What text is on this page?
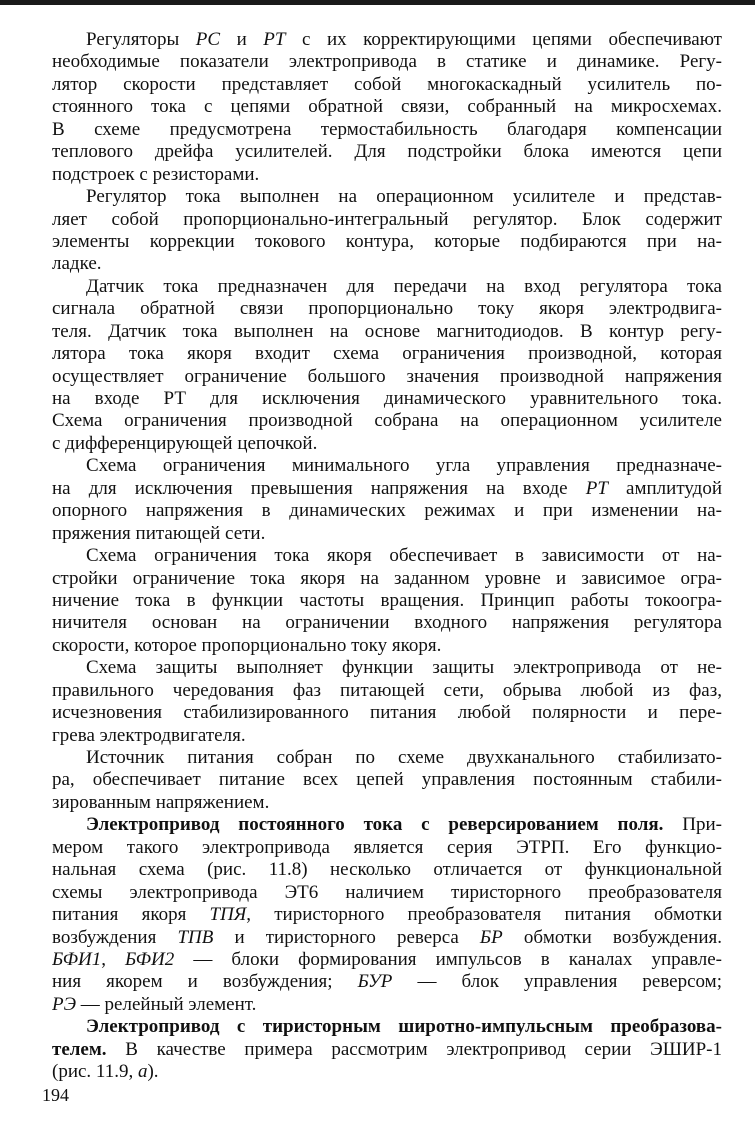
Регуляторы РС и РТ с их корректирующими цепями обеспечивают
необходимые показатели электропривода в статике и динамике. Регу-
лятор скорости представляет собой многокаскадный усилитель по-
стоянного тока с цепями обратной связи, собранный на микросхемах.
В схеме предусмотрена термостабильность благодаря компенсации
теплового дрейфа усилителей. Для подстройки блока имеются цепи
подстроек с резисторами.
Регулятор тока выполнен на операционном усилителе и представ-
ляет собой пропорционально-интегральный регулятор. Блок содержит
элементы коррекции токового контура, которые подбираются при на-
ладке.
Датчик тока предназначен для передачи на вход регулятора тока
сигнала обратной связи пропорционально току якоря электродвига-
теля. Датчик тока выполнен на основе магнитодиодов. В контур регу-
лятора тока якоря входит схема ограничения производной, которая
осуществляет ограничение большого значения производной напряжения
на входе РТ для исключения динамического уравнительного тока.
Схема ограничения производной собрана на операционном усилителе
с дифференцирующей цепочкой.
Схема ограничения минимального угла управления предназначе-
на для исключения превышения напряжения на входе РТ амплитудой
опорного напряжения в динамических режимах и при изменении на-
пряжения питающей сети.
Схема ограничения тока якоря обеспечивает в зависимости от на-
стройки ограничение тока якоря на заданном уровне и зависимое огра-
ничение тока в функции частоты вращения. Принцип работы токоогра-
ничителя основан на ограничении входного напряжения регулятора
скорости, которое пропорционально току якоря.
Схема защиты выполняет функции защиты электропривода от не-
правильного чередования фаз питающей сети, обрыва любой из фаз,
исчезновения стабилизированного питания любой полярности и пере-
грева электродвигателя.
Источник питания собран по схеме двухканального стабилизато-
ра, обеспечивает питание всех цепей управления постоянным стабили-
зированным напряжением.
Электропривод постоянного тока с реверсированием поля. При-
мером такого электропривода является серия ЭТРП. Его функцио-
нальная схема (рис. 11.8) несколько отличается от функциональной
схемы электропривода ЭТ6 наличием тиристорного преобразователя
питания якоря ТПЯ, тиристорного преобразователя питания обмотки
возбуждения ТПВ и тиристорного реверса БР обмотки возбуждения.
БФИ1, БФИ2 — блоки формирования импульсов в каналах управле-
ния якорем и возбуждения; БУР — блок управления реверсом;
РЭ — релейный элемент.
Электропривод с тиристорным широтно-импульсным преобразова-
телем. В качестве примера рассмотрим электропривод серии ЭШИР-1
(рис. 11.9, а).
194
